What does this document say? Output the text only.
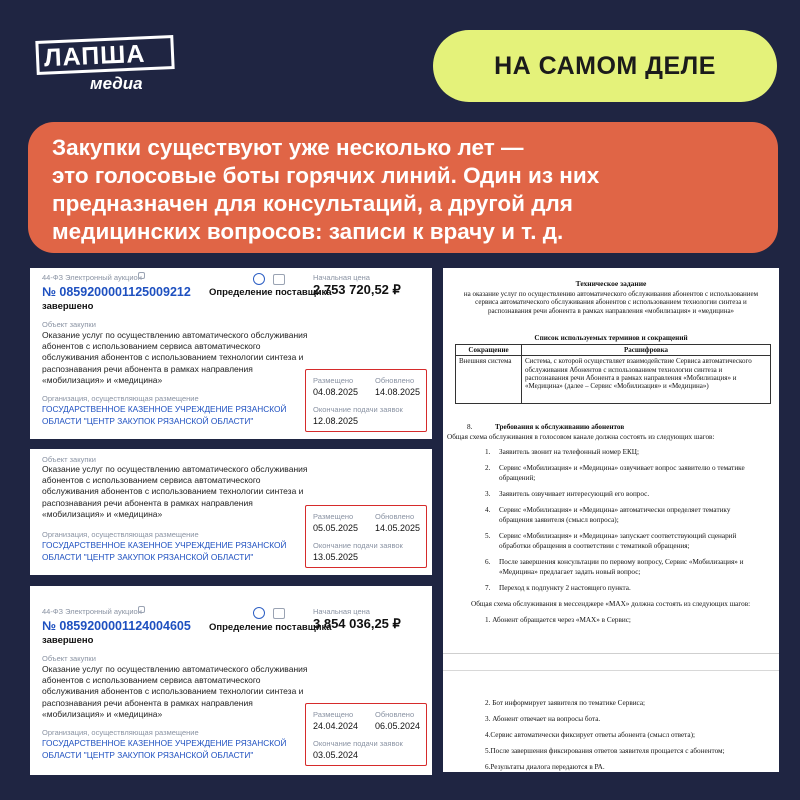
ЛАПША
медиа
НА САМОМ ДЕЛЕ
Закупки существуют уже несколько лет —
это голосовые боты горячих линий. Один из них
предназначен для консультаций, а другой для
медицинских вопросов: записи к врачу и т. д.
44-ФЗ Электронный аукцион	Начальная цена
№ 0859200001125009212 Определение поставщика
завершено
2 753 720,52 ₽
Объект закупки
Оказание услуг по осуществлению автоматического обслуживания
абонентов с использованием сервиса автоматического
обслуживания абонентов с использованием технологии синтеза и
распознавания речи абонента в рамках направления
«мобилизация» и «медицина»
Организация, осуществляющая размещение
ГОСУДАРСТВЕННОЕ КАЗЕННОЕ УЧРЕЖДЕНИЕ РЯЗАНСКОЙ
ОБЛАСТИ "ЦЕНТР ЗАКУПОК РЯЗАНСКОЙ ОБЛАСТИ"
Размещено	Обновлено
04.08.2025 14.08.2025
Окончание подачи заявок
12.08.2025
Объект закупки
Оказание услуг по осуществлению автоматического обслуживания
абонентов с использованием сервиса автоматического
обслуживания абонентов с использованием технологии синтеза и
распознавания речи абонента в рамках направления
«мобилизация» и «медицина»
Организация, осуществляющая размещение
ГОСУДАРСТВЕННОЕ КАЗЕННОЕ УЧРЕЖДЕНИЕ РЯЗАНСКОЙ
ОБЛАСТИ "ЦЕНТР ЗАКУПОК РЯЗАНСКОЙ ОБЛАСТИ"
Размещено	Обновлено
05.05.2025 14.05.2025
Окончание подачи заявок
13.05.2025
44-ФЗ Электронный аукцион	Начальная цена
№ 0859200001124004605 Определение поставщика
завершено
3 854 036,25 ₽
Объект закупки
Оказание услуг по осуществлению автоматического обслуживания
абонентов с использованием сервиса автоматического
обслуживания абонентов с использованием технологии синтеза и
распознавания речи абонента в рамках направления
«мобилизация» и «медицина»
Организация, осуществляющая размещение
ГОСУДАРСТВЕННОЕ КАЗЕННОЕ УЧРЕЖДЕНИЕ РЯЗАНСКОЙ
ОБЛАСТИ "ЦЕНТР ЗАКУПОК РЯЗАНСКОЙ ОБЛАСТИ"
Размещено	Обновлено
24.04.2024 06.05.2024
Окончание подачи заявок
03.05.2024
Техническое задание
на оказание услуг по осуществлению автоматического обслуживания абонентов с использованием
сервиса автоматического обслуживания абонентов с использованием технологии синтеза и
распознавания речи абонента в рамках направления «мобилизация» и «медицина»
Список используемых терминов и сокращений
Сокращение	Расшифровка
Внешняя система	Система, с которой осуществляет взаимодействие Сервиса автоматического
обслуживания Абонентов с использованием технологии синтеза и
распознавания речи Абонента в рамках направления «Мобилизация» и
«Медицина» (далее – Сервис «Мобилизация» и «Медицина»)
8.	Требования к обслуживанию абонентов
Общая схема обслуживания в голосовом канале должна состоять из следующих шагов:
1. Заявитель звонит на телефонный номер ЕКЦ;
2. Сервис «Мобилизация» и «Медицина» озвучивает вопрос заявителю о тематике
обращений;
3. Заявитель озвучивает интересующий его вопрос.
4. Сервис «Мобилизация» и «Медицина» автоматически определяет тематику
обращения заявителя (смысл вопроса);
5. Сервис «Мобилизация» и «Медицина» запускает соответствующий сценарий
обработки обращения в соответствии с тематикой обращения;
6. После завершения консультации по первому вопросу, Сервис «Мобилизация» и
«Медицина» предлагает задать новый вопрос;
7. Переход к подпункту 2 настоящего пункта.
Общая схема обслуживания в мессенджере «МАХ» должна состоять из следующих шагов:
1. Абонент обращается через «МАХ» в Сервис;
2. Бот информирует заявителя по тематике Сервиса;
3. Абонент отвечает на вопросы бота.
4.Сервис автоматически фиксирует ответы абонента (смысл ответа);
5.После завершения фиксирования ответов заявителя прощается с абонентом;
6.Результаты диалога передаются в РА.
